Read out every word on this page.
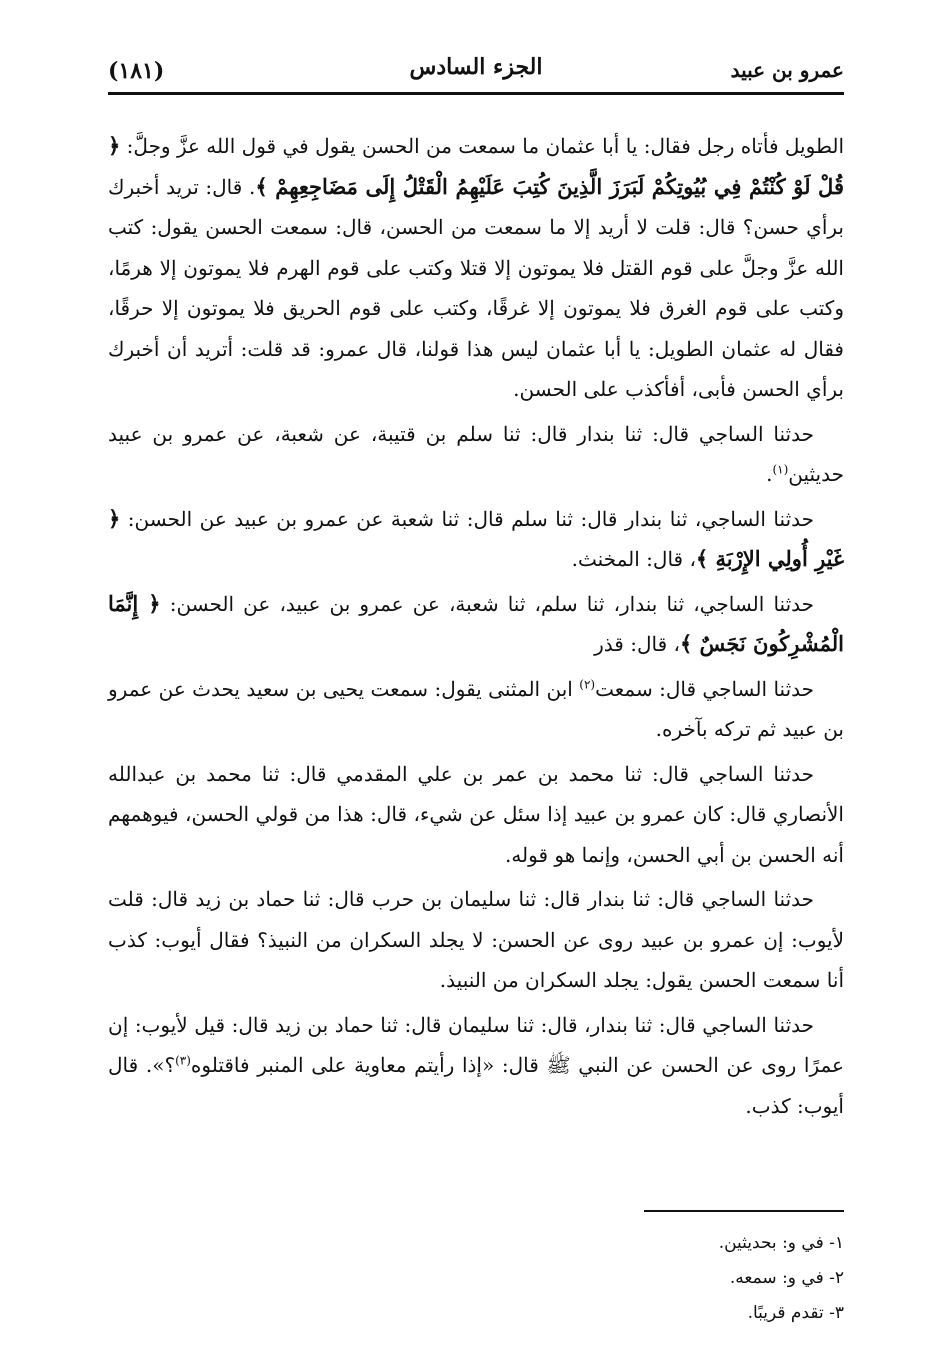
عمرو بن عبيد
الجزء السادس
(١٨١)

الطويل فأتاه رجل فقال: يا أبا عثمان ما سمعت من الحسن يقول في قول الله عزَّ وجلَّ: ﴿ قُلْ لَوْ كُنْتُمْ فِي بُيُوتِكُمْ لَبَرَزَ الَّذِينَ كُتِبَ عَلَيْهِمُ الْقَتْلُ إِلَى مَضَاجِعِهِمْ ﴾. قال: تريد أخبرك برأي حسن؟ قال: قلت لا أريد إلا ما سمعت من الحسن، قال: سمعت الحسن يقول: كتب الله عزَّ وجلَّ على قوم القتل فلا يموتون إلا قتلا وكتب على قوم الهرم فلا يموتون إلا هرمًا، وكتب على قوم الغرق فلا يموتون إلا غرقًا، وكتب على قوم الحريق فلا يموتون إلا حرقًا، فقال له عثمان الطويل: يا أبا عثمان ليس هذا قولنا، قال عمرو: قد قلت: أتريد أن أخبرك برأي الحسن فأبى، أفأكذب على الحسن.

حدثنا الساجي قال: ثنا بندار قال: ثنا سلم بن قتيبة، عن شعبة، عن عمرو بن عبيد حديثين$^{(١)}$.

حدثنا الساجي، ثنا بندار قال: ثنا سلم قال: ثنا شعبة عن عمرو بن عبيد عن الحسن: ﴿ غَيْرِ أُولِي الإِرْبَةِ ﴾، قال: المخنث.

حدثنا الساجي، ثنا بندار، ثنا سلم، ثنا شعبة، عن عمرو بن عبيد، عن الحسن: ﴿ إِنَّمَا الْمُشْرِكُونَ نَجَسٌ ﴾، قال: قذر

حدثنا الساجي قال: سمعت$^{(٢)}$ ابن المثنى يقول: سمعت يحيى بن سعيد يحدث عن عمرو بن عبيد ثم تركه بآخره.

حدثنا الساجي قال: ثنا محمد بن عمر بن علي المقدمي قال: ثنا محمد بن عبدالله الأنصاري قال: كان عمرو بن عبيد إذا سئل عن شيء، قال: هذا من قولي الحسن، فيوهمهم أنه الحسن بن أبي الحسن، وإنما هو قوله.

حدثنا الساجي قال: ثنا بندار قال: ثنا سليمان بن حرب قال: ثنا حماد بن زيد قال: قلت لأيوب: إن عمرو بن عبيد روى عن الحسن: لا يجلد السكران من النبيذ؟ فقال أيوب: كذب أنا سمعت الحسن يقول: يجلد السكران من النبيذ.

حدثنا الساجي قال: ثنا بندار، قال: ثنا سليمان قال: ثنا حماد بن زيد قال: قيل لأيوب: إن عمرًا روى عن الحسن عن النبي ﷺ قال: «إذا رأيتم معاوية على المنبر فاقتلوه$^{(٣)}$؟». قال أيوب: كذب.

١- في و: بحديثين.

٢- في و: سمعه.

٣- تقدم قريبًا.
